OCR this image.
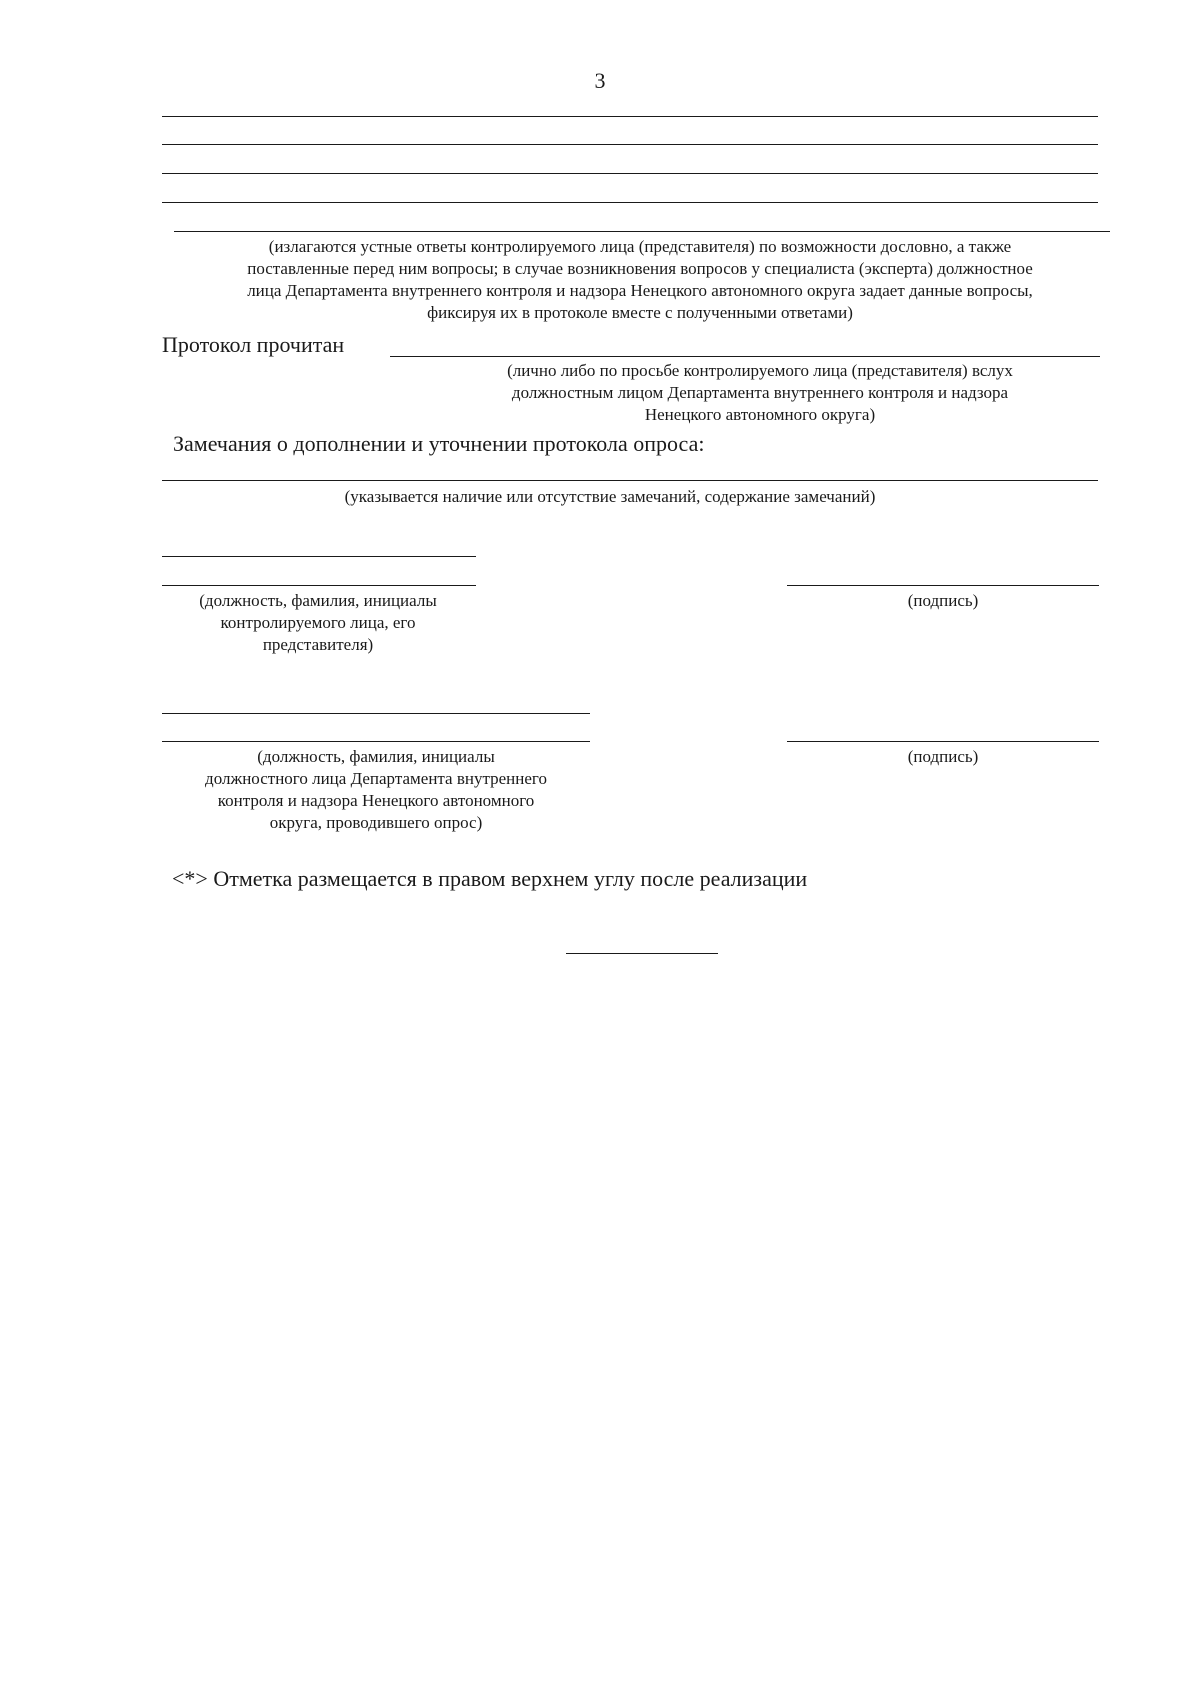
3
(излагаются устные ответы контролируемого лица (представителя) по возможности дословно, а также
поставленные перед ним вопросы; в случае возникновения вопросов у специалиста (эксперта) должностное
лица Департамента внутреннего контроля и надзора Ненецкого автономного округа задает данные вопросы,
фиксируя их в протоколе вместе с полученными ответами)
Протокол прочитан
(лично либо по просьбе контролируемого лица (представителя) вслух
должностным лицом Департамента внутреннего контроля и надзора
Ненецкого автономного округа)
Замечания о дополнении и уточнении протокола опроса:
(указывается наличие или отсутствие замечаний, содержание замечаний)
(должность, фамилия, инициалы
контролируемого лица, его
представителя)
(подпись)
(должность, фамилия, инициалы
должностного лица Департамента внутреннего
контроля и надзора Ненецкого автономного
округа, проводившего опрос)
(подпись)
<*> Отметка размещается в правом верхнем углу после реализации
